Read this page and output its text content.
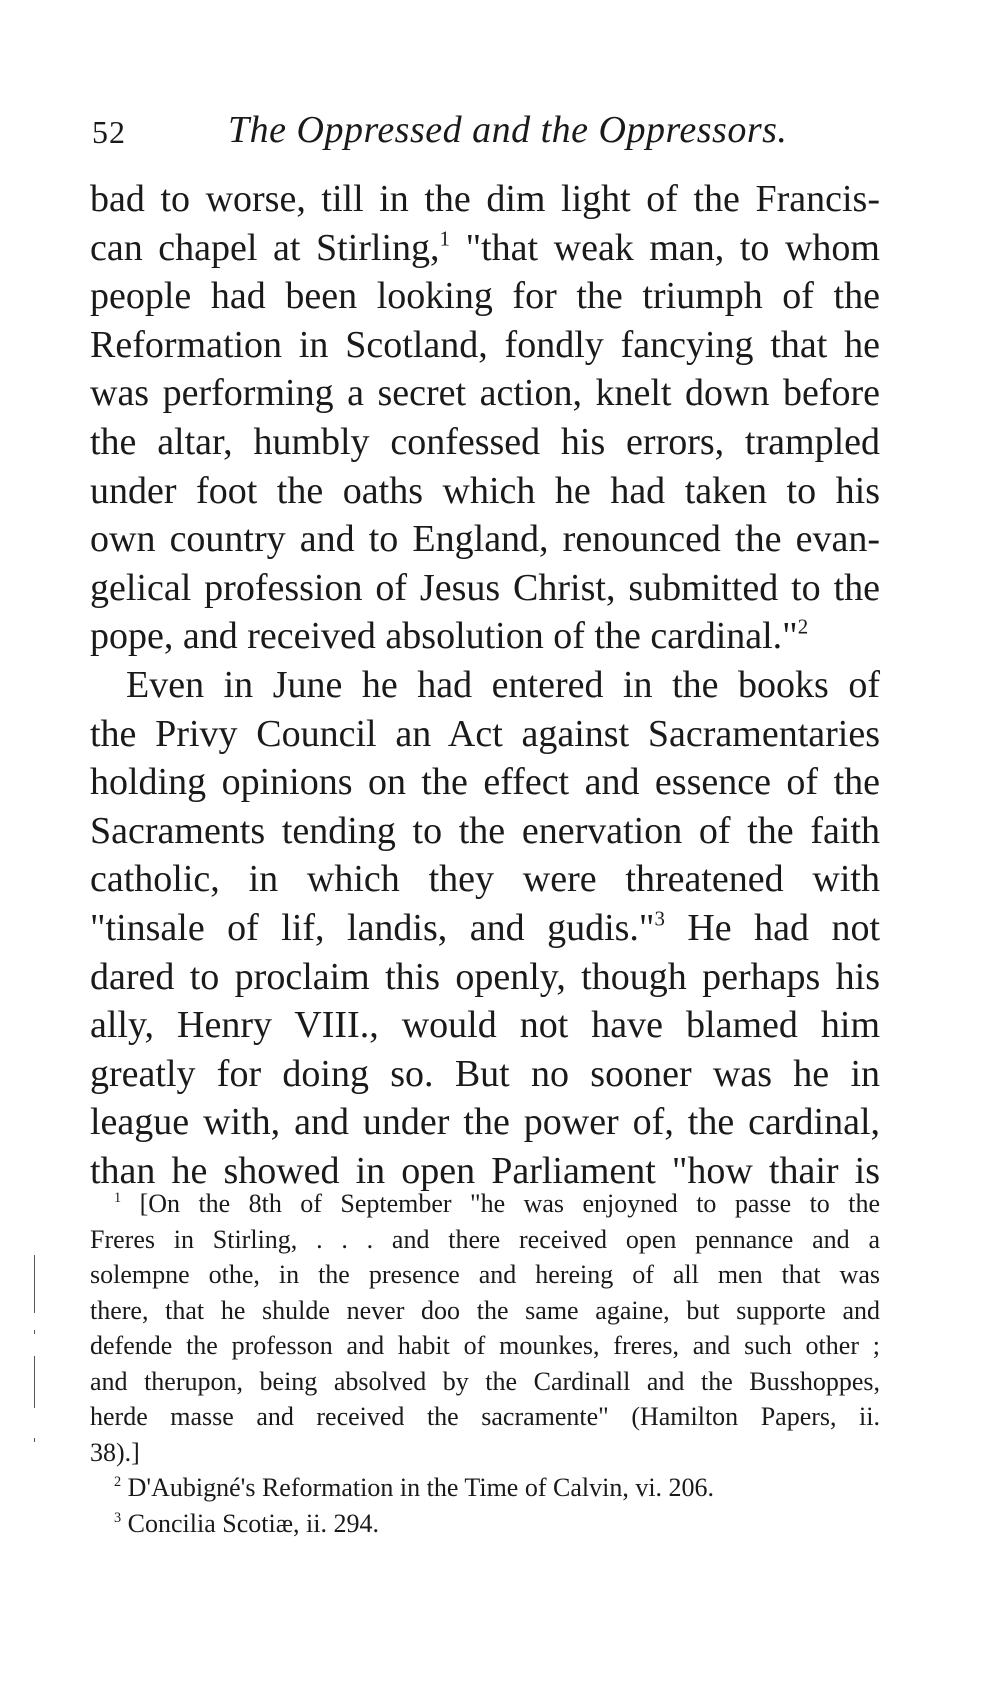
52	The Oppressed and the Oppressors.
bad to worse, till in the dim light of the Francis-
can chapel at Stirling,$^1$ "that weak man, to whom
people had been looking for the triumph of the
Reformation in Scotland, fondly fancying that he
was performing a secret action, knelt down before
the altar, humbly confessed his errors, trampled
under foot the oaths which he had taken to his
own country and to England, renounced the evan-
gelical profession of Jesus Christ, submitted to the
pope, and received absolution of the cardinal."$^2$
Even in June he had entered in the books of
the Privy Council an Act against Sacramentaries
holding opinions on the effect and essence of the
Sacraments tending to the enervation of the faith
catholic, in which they were threatened with
"tinsale of lif, landis, and gudis."$^3$ He had not
dared to proclaim this openly, though perhaps his
ally, Henry VIII., would not have blamed him
greatly for doing so. But no sooner was he in
league with, and under the power of, the cardinal,
than he showed in open Parliament "how thair is
$^1$ [On the 8th of September "he was enjoyned to passe to the
Freres in Stirling, . . . and there received open pennance and a
solempne othe, in the presence and hereing of all men that was
there, that he shulde never doo the same againe, but supporte and
defende the professon and habit of mounkes, freres, and such other ;
and therupon, being absolved by the Cardinall and the Busshoppes,
herde masse and received the sacramente" (Hamilton Papers, ii.
38).]
$^2$ D'Aubigné's Reformation in the Time of Calvin, vi. 206.
$^3$ Concilia Scotiæ, ii. 294.
